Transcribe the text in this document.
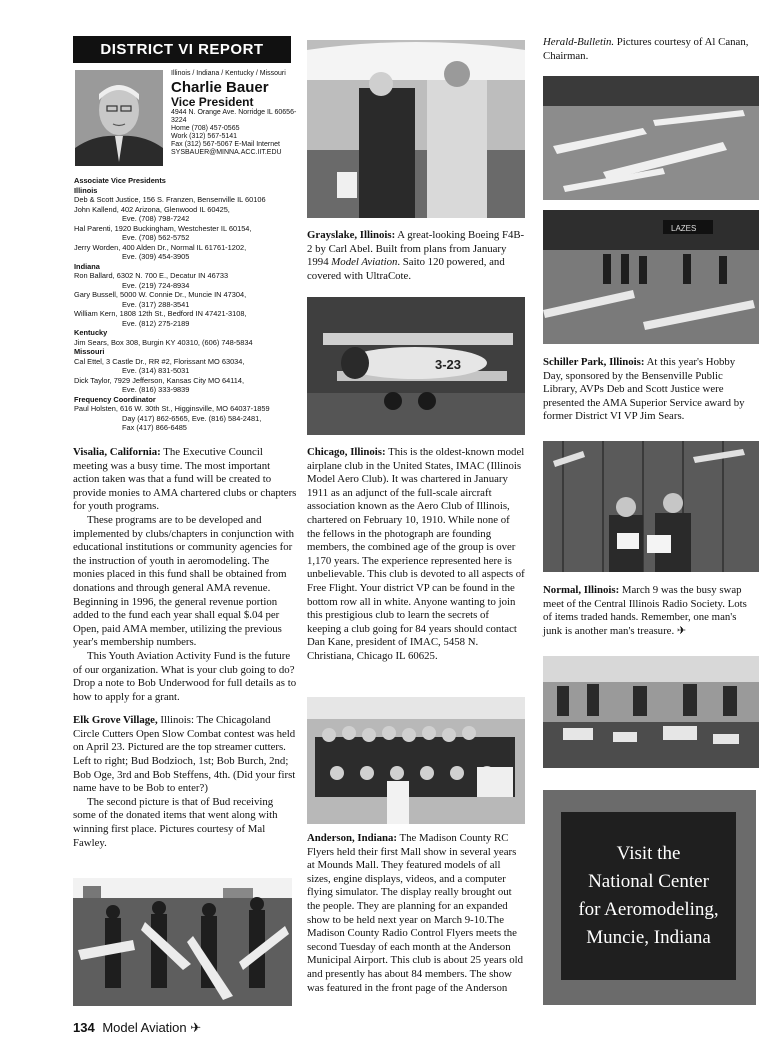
DISTRICT VI REPORT
Illinois / Indiana / Kentucky / Missouri
Charlie Bauer
Vice President
4944 N. Orange Ave. Norridge IL 60656-3224
Home (708) 457-0565
Work (312) 567-5141
Fax (312) 567-5067 E-Mail Internet
SYSBAUER@MINNA.ACC.IIT.EDU
Associate Vice Presidents
Illinois
Deb & Scott Justice, 156 S. Franzen, Bensenville IL 60106
John Kallend, 402 Arizona, Glenwood IL 60425,
Eve. (708) 798-7242
Hal Parenti, 1920 Buckingham, Westchester IL 60154,
Eve. (708) 562-5752
Jerry Worden, 400 Alden Dr., Normal IL 61761-1202,
Eve. (309) 454-3905
Indiana
Ron Ballard, 6302 N. 700 E., Decatur IN 46733
Eve. (219) 724-8934
Gary Bussell, 5000 W. Connie Dr., Muncie IN 47304,
Eve. (317) 288-3541
William Kern, 1808 12th St., Bedford IN 47421-3108,
Eve. (812) 275-2189
Kentucky
Jim Sears, Box 308, Burgin KY 40310, (606) 748-5834
Missouri
Cal Ettel, 3 Castle Dr., RR #2, Florissant MO 63034,
Eve. (314) 831-5031
Dick Taylor, 7929 Jefferson, Kansas City MO 64114,
Eve. (816) 333-9839
Frequency Coordinator
Paul Holsten, 616 W. 30th St., Higginsville, MO 64037-1859
Day (417) 862-6565, Eve. (816) 584-2481,
Fax (417) 866-6485

Visalia, California: The Executive Council meeting was a busy time. The most important action taken was that a fund will be created to provide monies to AMA chartered clubs or chapters for youth programs.

These programs are to be developed and implemented by clubs/chapters in conjunction with educational institutions or community agencies for the instruction of youth in aeromodeling. The monies placed in this fund shall be obtained from donations and through general AMA revenue. Beginning in 1996, the general revenue portion added to the fund each year shall equal $.04 per Open, paid AMA member, utilizing the previous year's membership numbers.

This Youth Aviation Activity Fund is the future of our organization. What is your club going to do? Drop a note to Bob Underwood for full details as to how to apply for a grant.

Elk Grove Village, Illinois: The Chicagoland Circle Cutters Open Slow Combat contest was held on April 23. Pictured are the top streamer cutters. Left to right; Bud Bodzioch, 1st; Bob Burch, 2nd; Bob Oge, 3rd and Bob Steffens, 4th. (Did your first name have to be Bob to enter?)

The second picture is that of Bud receiving some of the donated items that went along with winning first place. Pictures courtesy of Mal Fawley.

Grayslake, Illinois: A great-looking Boeing F4B-2 by Carl Abel. Built from plans from January 1994 Model Aviation. Saito 120 powered, and covered with UltraCote.
3-23

Chicago, Illinois: This is the oldest-known model airplane club in the United States, IMAC (Illinois Model Aero Club). It was chartered in January 1911 as an adjunct of the full-scale aircraft association known as the Aero Club of Illinois, chartered on February 10, 1910. While none of the fellows in the photograph are founding members, the combined age of the group is over 1,170 years. The experience represented here is unbelievable. This club is devoted to all aspects of Free Flight. Your district VP can be found in the bottom row all in white. Anyone wanting to join this prestigious club to learn the secrets of keeping a club going for 84 years should contact Dan Kane, president of IMAC, 5458 N. Christiana, Chicago IL 60625.

Anderson, Indiana: The Madison County RC Flyers held their first Mall show in several years at Mounds Mall. They featured models of all sizes, engine displays, videos, and a computer flying simulator. The display really brought out the people. They are planning for an expanded show to be held next year on March 9-10.The Madison County Radio Control Flyers meets the second Tuesday of each month at the Anderson Municipal Airport. This club is about 25 years old and presently has about 84 members. The show was featured in the front page of the Anderson

Herald-Bulletin. Pictures courtesy of Al Canan, Chairman.
LAZES
Schiller Park, Illinois: At this year's Hobby Day, sponsored by the Bensenville Public Library, AVPs Deb and Scott Justice were presented the AMA Superior Service award by former District VI VP Jim Sears.
Normal, Illinois: March 9 was the busy swap meet of the Central Illinois Radio Society. Lots of items traded hands. Remember, one man's junk is another man's treasure. ✈
Visit the
National Center
for Aeromodeling,
Muncie, Indiana
134 Model Aviation ✈
